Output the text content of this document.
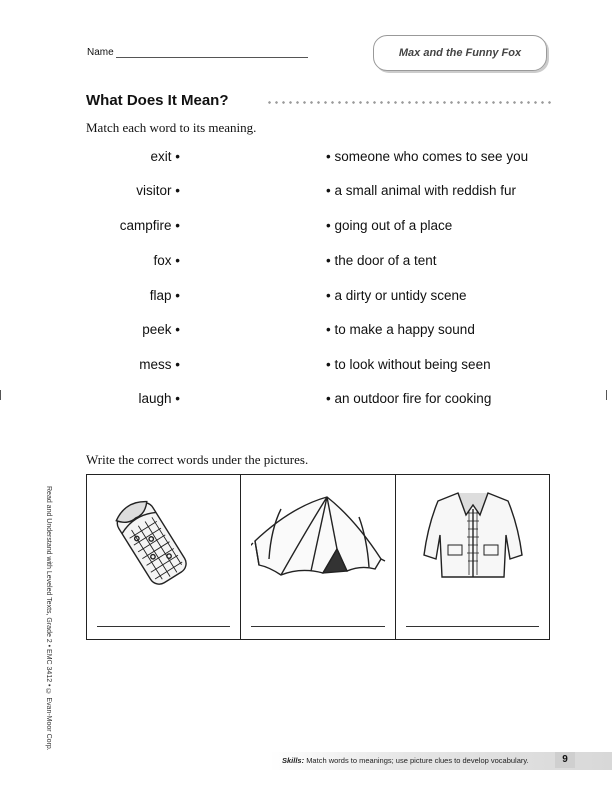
Name	Max and the Funny Fox
What Does It Mean?
Match each word to its meaning.
exit •
visitor •
campfire •
fox •
flap •
peek •
mess •
laugh •
• someone who comes to see you
• a small animal with reddish fur
• going out of a place
• the door of a tent
• a dirty or untidy scene
• to make a happy sound
• to look without being seen
• an outdoor fire for cooking
Write the correct words under the pictures.
Read and Understand with Leveled Texts, Grade 2 • EMC 3412 • © Evan-Moor Corp.
Skills: Match words to meanings; use picture clues to develop vocabulary.	9
